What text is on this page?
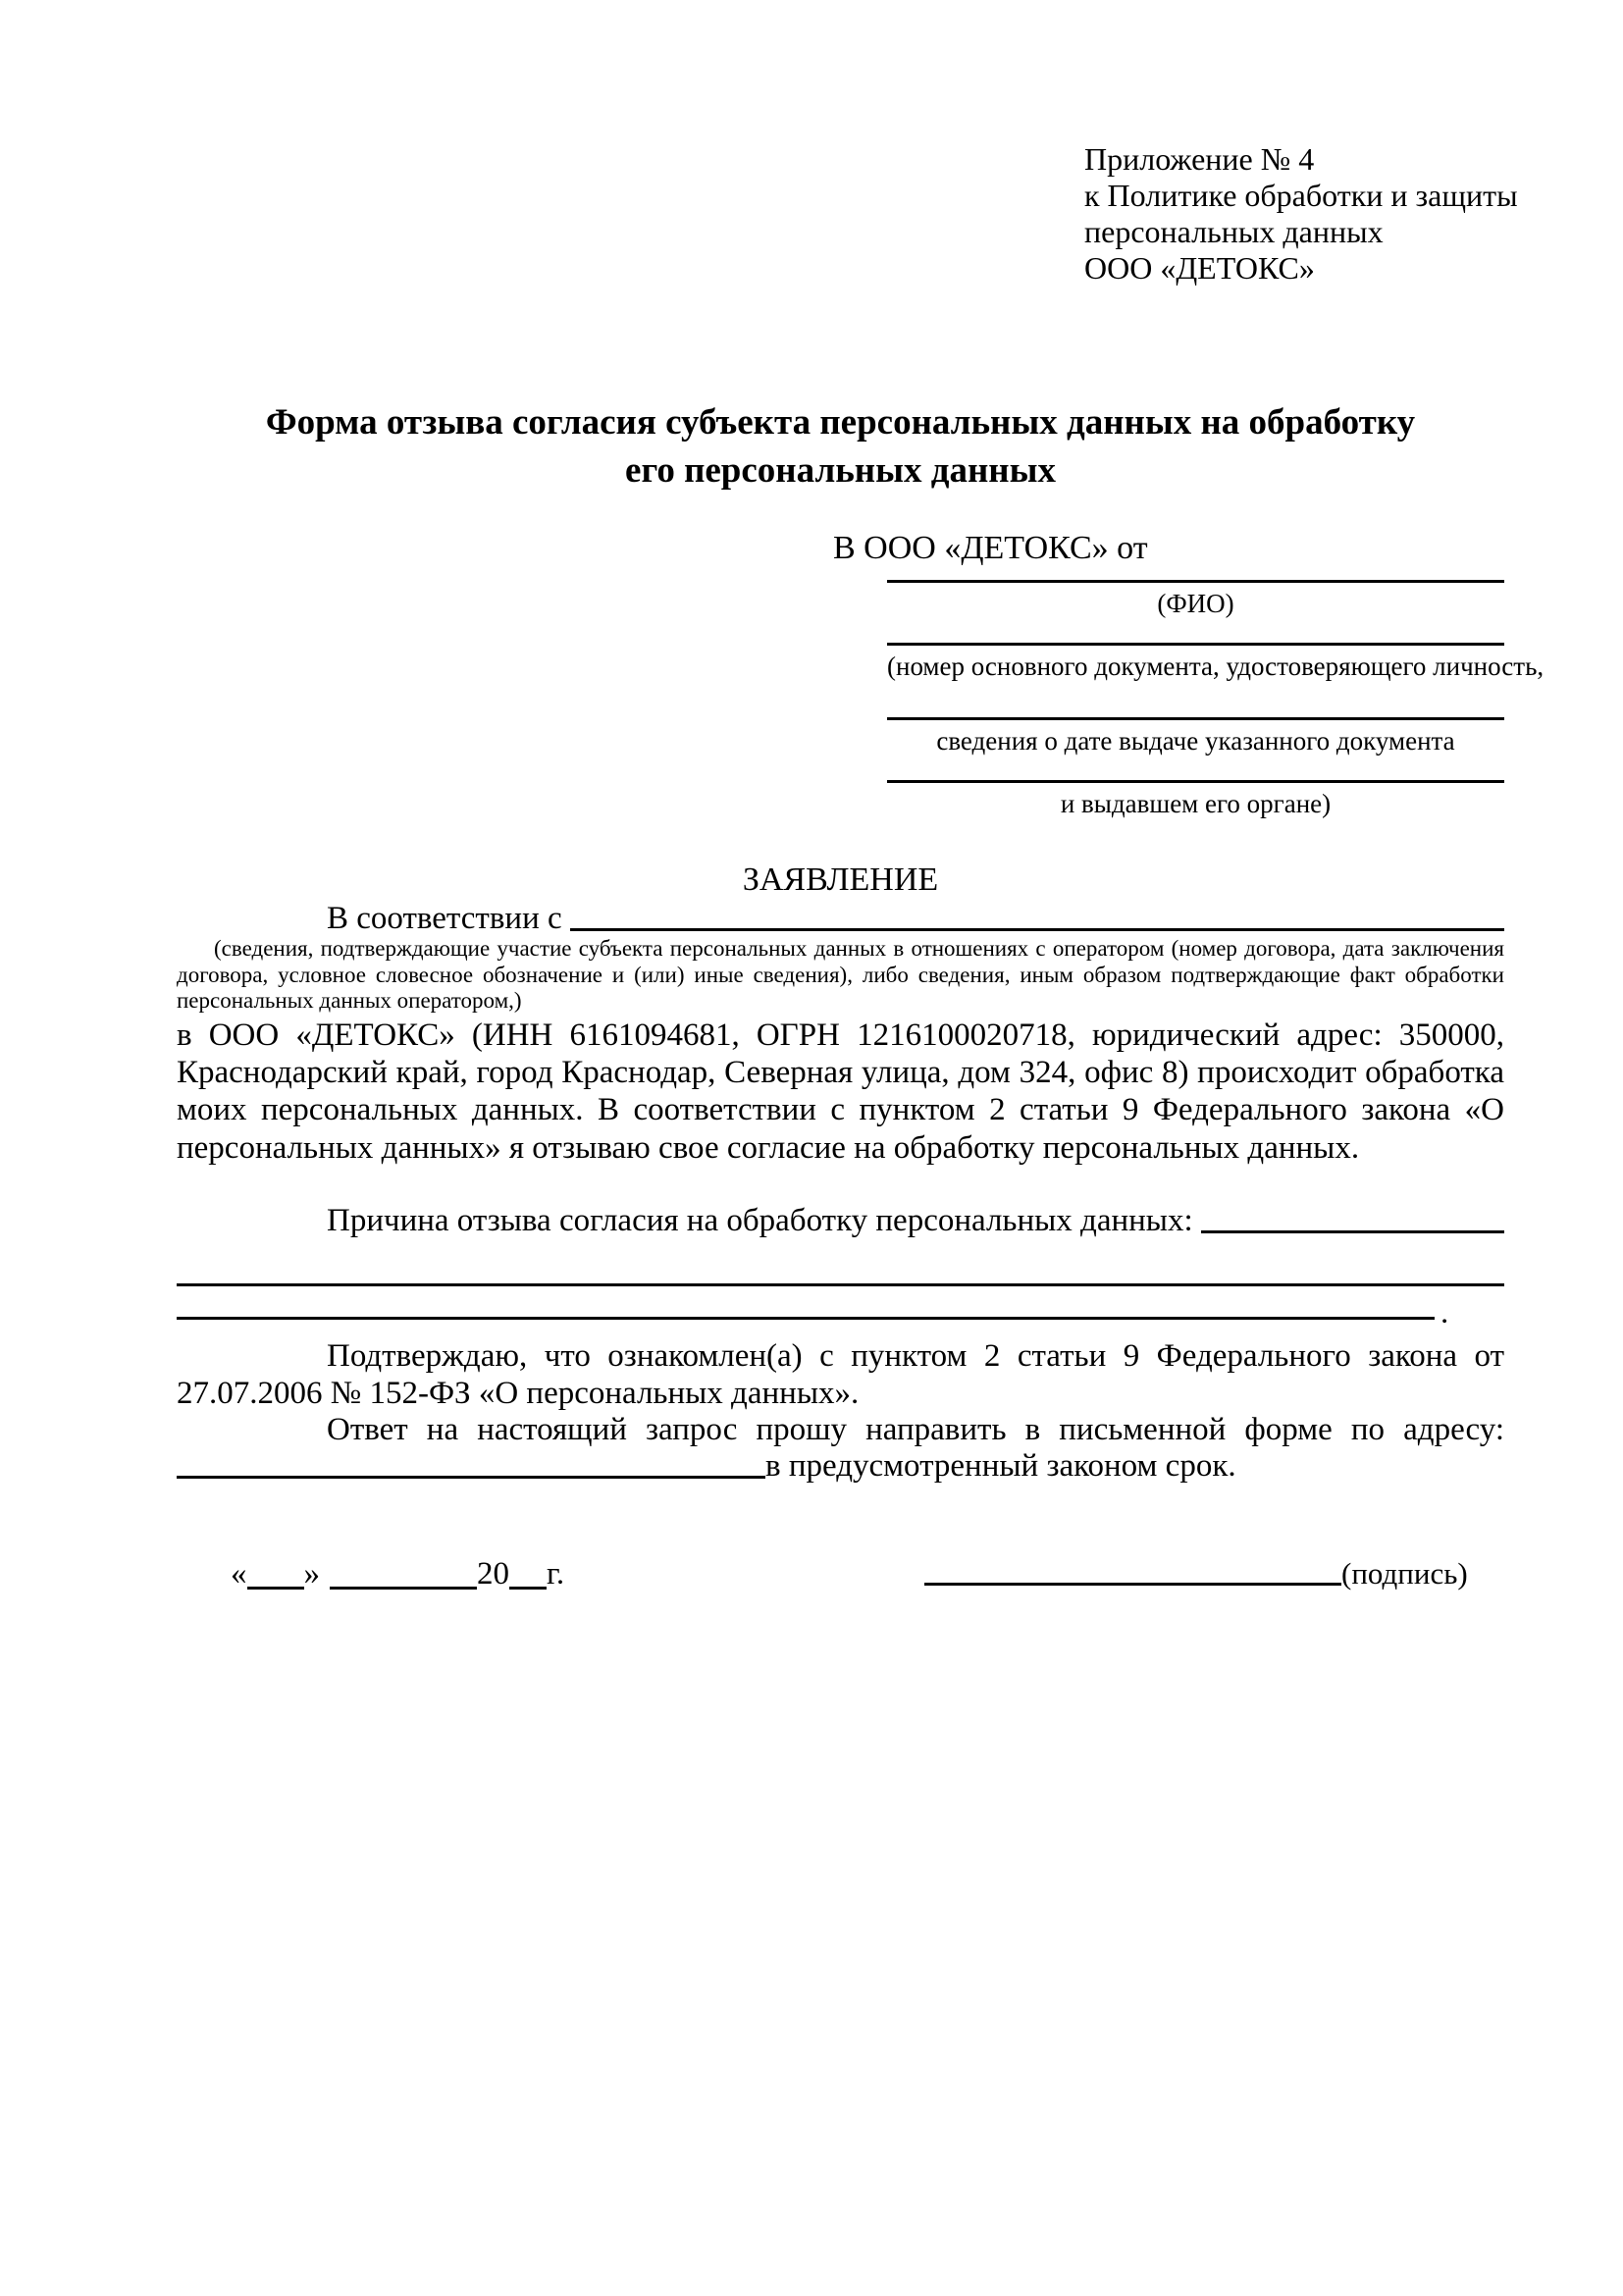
Приложение № 4
к Политике обработки и защиты
персональных данных
ООО «ДЕТОКС»
Форма отзыва согласия субъекта персональных данных на обработку
его персональных данных
В ООО «ДЕТОКС» от
(ФИО)
(номер основного документа, удостоверяющего личность,
сведения о дате выдаче указанного документа
и выдавшем его органе)
ЗАЯВЛЕНИЕ
В соответствии с
(сведения, подтверждающие участие субъекта персональных данных в отношениях с оператором (номер договора, дата заключения договора, условное словесное обозначение и (или) иные сведения), либо сведения, иным образом подтверждающие факт обработки персональных данных оператором,)
в ООО «ДЕТОКС» (ИНН 6161094681, ОГРН 1216100020718, юридический адрес: 350000, Краснодарский край, город Краснодар, Северная улица, дом 324, офис 8) происходит обработка моих персональных данных. В соответствии с пунктом 2 статьи 9 Федерального закона «О персональных данных» я отзываю свое согласие на обработку персональных данных.
Причина отзыва согласия на обработку персональных данных:
.
Подтверждаю, что ознакомлен(а) с пунктом 2 статьи 9 Федерального закона от 27.07.2006 № 152-ФЗ «О персональных данных».
Ответ на настоящий запрос прошу направить в письменной форме по адресу:
в предусмотренный законом срок.
« »	20 г.	(подпись)
